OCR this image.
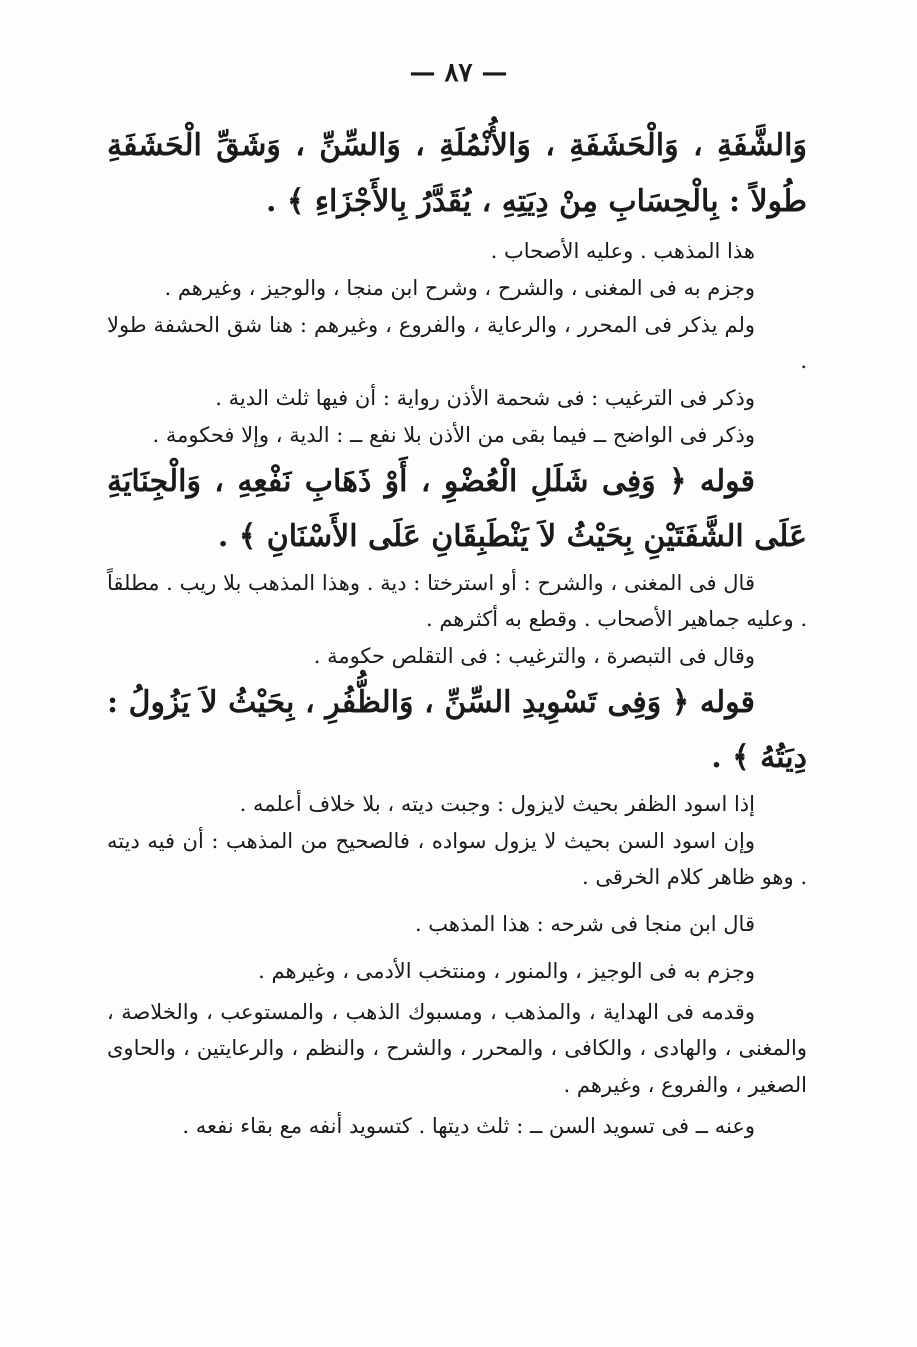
— ٨٧ —

وَالشَّفَةِ ، وَالْحَشَفَةِ ، وَالأُنْمُلَةِ ، وَالسِّنِّ ، وَشَقِّ الْحَشَفَةِ طُولاً : بِالْحِسَابِ مِنْ دِيَتِهِ ، يُقَدَّرُ بِالأَجْزَاءِ ﴾ .

هذا المذهب . وعليه الأصحاب .

وجزم به فى المغنى ، والشرح ، وشرح ابن منجا ، والوجيز ، وغيرهم .

ولم يذكر فى المحرر ، والرعاية ، والفروع ، وغيرهم : هنا شق الحشفة طولا .

وذكر فى الترغيب : فى شحمة الأذن رواية : أن فيها ثلث الدية .

وذكر فى الواضح ــ فيما بقى من الأذن بلا نفع ــ : الدية ، وإلا فحكومة .

قوله ﴿ وَفِى شَلَلِ الْعُضْوِ ، أَوْ ذَهَابِ نَفْعِهِ ، وَالْجِنَايَةِ عَلَى الشَّفَتَيْنِ بِحَيْثُ لاَ يَنْطَبِقَانِ عَلَى الأَسْنَانِ ﴾ .

قال فى المغنى ، والشرح : أو استرختا : دية . وهذا المذهب بلا ريب . مطلقاً . وعليه جماهير الأصحاب . وقطع به أكثرهم .

وقال فى التبصرة ، والترغيب : فى التقلص حكومة .

قوله ﴿ وَفِى تَسْوِيدِ السِّنِّ ، وَالظُّفُرِ ، بِحَيْثُ لاَ يَزُولُ : دِيَتُهُ ﴾ .

إذا اسود الظفر بحيث لايزول : وجبت ديته ، بلا خلاف أعلمه .

وإن اسود السن بحيث لا يزول سواده ، فالصحيح من المذهب : أن فيه ديته . وهو ظاهر كلام الخرقى .

قال ابن منجا فى شرحه : هذا المذهب .

وجزم به فى الوجيز ، والمنور ، ومنتخب الأدمى ، وغيرهم .

وقدمه فى الهداية ، والمذهب ، ومسبوك الذهب ، والمستوعب ، والخلاصة ، والمغنى ، والهادى ، والكافى ، والمحرر ، والشرح ، والنظم ، والرعايتين ، والحاوى الصغير ، والفروع ، وغيرهم .

وعنه ــ فى تسويد السن ــ : ثلث ديتها . كتسويد أنفه مع بقاء نفعه .
